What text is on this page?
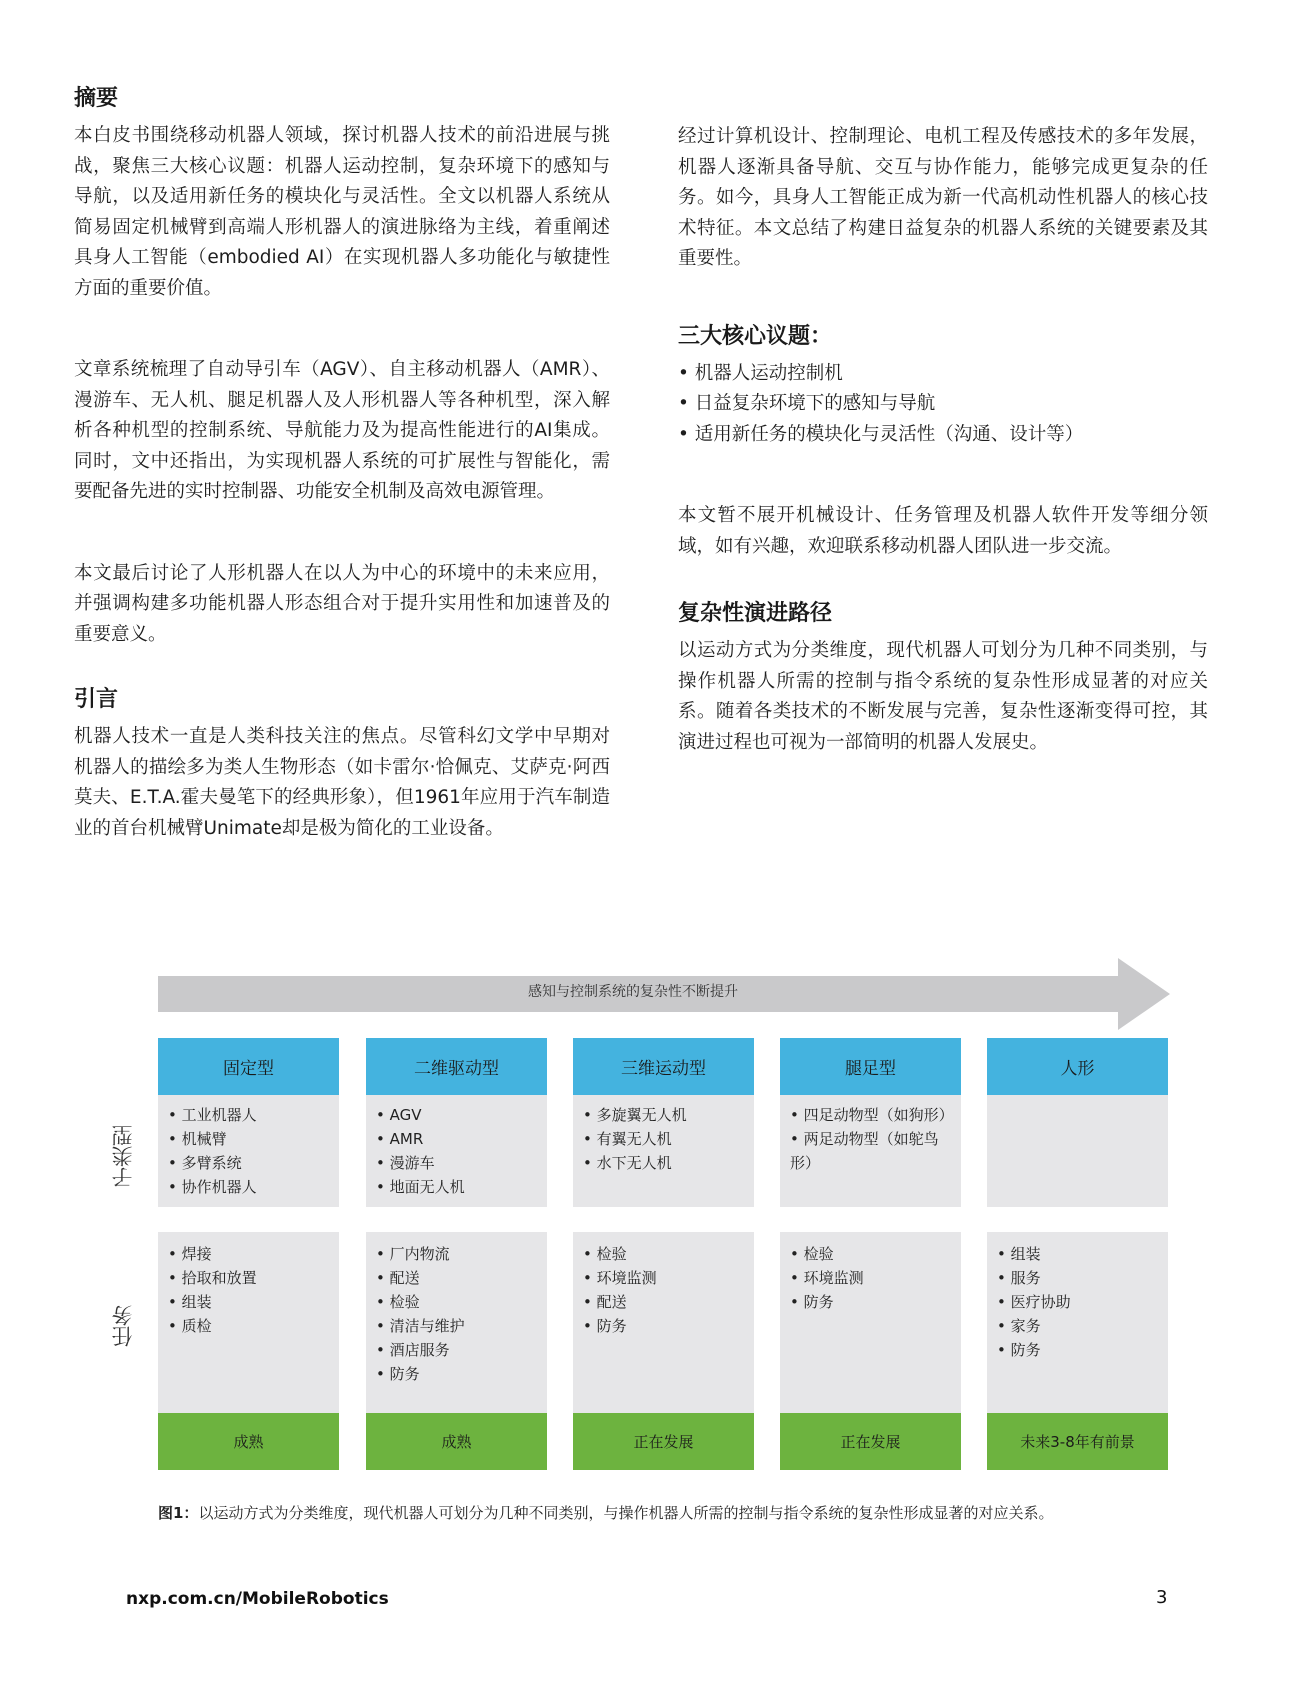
摘要

本白皮书围绕移动机器人领域，探讨机器人技术的前沿进展与挑战，聚焦三大核心议题：机器人运动控制，复杂环境下的感知与导航，以及适用新任务的模块化与灵活性。全文以机器人系统从简易固定机械臂到高端人形机器人的演进脉络为主线，着重阐述具身人工智能（embodied AI）在实现机器人多功能化与敏捷性方面的重要价值。

文章系统梳理了自动导引车（AGV）、自主移动机器人（AMR）、漫游车、无人机、腿足机器人及人形机器人等各种机型，深入解析各种机型的控制系统、导航能力及为提高性能进行的AI集成。同时，文中还指出，为实现机器人系统的可扩展性与智能化，需要配备先进的实时控制器、功能安全机制及高效电源管理。

本文最后讨论了人形机器人在以人为中心的环境中的未来应用，并强调构建多功能机器人形态组合对于提升实用性和加速普及的重要意义。

引言

机器人技术一直是人类科技关注的焦点。尽管科幻文学中早期对机器人的描绘多为类人生物形态（如卡雷尔·恰佩克、艾萨克·阿西莫夫、E.T.A.霍夫曼笔下的经典形象），但1961年应用于汽车制造业的首台机械臂Unimate却是极为简化的工业设备。

经过计算机设计、控制理论、电机工程及传感技术的多年发展，机器人逐渐具备导航、交互与协作能力，能够完成更复杂的任务。如今，具身人工智能正成为新一代高机动性机器人的核心技术特征。本文总结了构建日益复杂的机器人系统的关键要素及其重要性。

三大核心议题：
• 机器人运动控制机
• 日益复杂环境下的感知与导航
• 适用新任务的模块化与灵活性（沟通、设计等）

本文暂不展开机械设计、任务管理及机器人软件开发等细分领域，如有兴趣，欢迎联系移动机器人团队进一步交流。

复杂性演进路径

以运动方式为分类维度，现代机器人可划分为几种不同类别，与操作机器人所需的控制与指令系统的复杂性形成显著的对应关系。随着各类技术的不断发展与完善，复杂性逐渐变得可控，其演进过程也可视为一部简明的机器人发展史。

感知与控制系统的复杂性不断提升
子类型
任务
固定型
• 工业机器人
• 机械臂
• 多臂系统
• 协作机器人
• 焊接
• 拾取和放置
• 组装
• 质检
成熟
二维驱动型
• AGV
• AMR
• 漫游车
• 地面无人机
• 厂内物流
• 配送
• 检验
• 清洁与维护
• 酒店服务
• 防务
成熟
三维运动型
• 多旋翼无人机
• 有翼无人机
• 水下无人机
• 检验
• 环境监测
• 配送
• 防务
正在发展
腿足型
• 四足动物型（如狗形）
• 两足动物型（如鸵鸟形）
• 检验
• 环境监测
• 防务
正在发展
人形
• 组装
• 服务
• 医疗协助
• 家务
• 防务
未来3-8年有前景
图1：以运动方式为分类维度，现代机器人可划分为几种不同类别，与操作机器人所需的控制与指令系统的复杂性形成显著的对应关系。
nxp.com.cn/MobileRobotics	3
